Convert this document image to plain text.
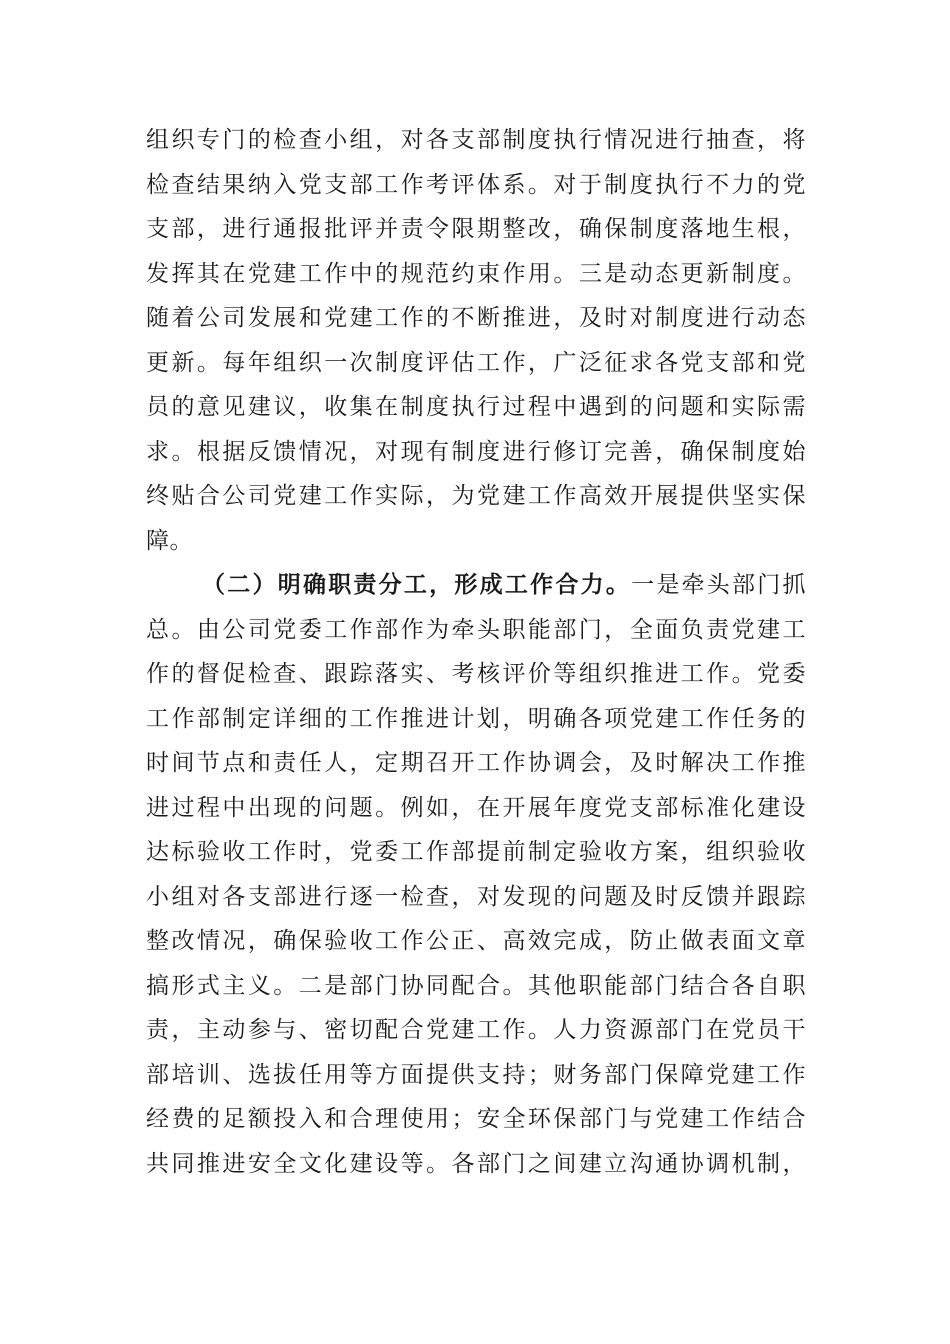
组织专门的检查小组，对各支部制度执行情况进行抽查，将
检查结果纳入党支部工作考评体系。对于制度执行不力的党
支部，进行通报批评并责令限期整改，确保制度落地生根，
发挥其在党建工作中的规范约束作用。三是动态更新制度。
随着公司发展和党建工作的不断推进，及时对制度进行动态
更新。每年组织一次制度评估工作，广泛征求各党支部和党
员的意见建议，收集在制度执行过程中遇到的问题和实际需
求。根据反馈情况，对现有制度进行修订完善，确保制度始
终贴合公司党建工作实际，为党建工作高效开展提供坚实保
障。
（二）明确职责分工，形成工作合力。一是牵头部门抓
总。由公司党委工作部作为牵头职能部门，全面负责党建工
作的督促检查、跟踪落实、考核评价等组织推进工作。党委
工作部制定详细的工作推进计划，明确各项党建工作任务的
时间节点和责任人，定期召开工作协调会，及时解决工作推
进过程中出现的问题。例如，在开展年度党支部标准化建设
达标验收工作时，党委工作部提前制定验收方案，组织验收
小组对各支部进行逐一检查，对发现的问题及时反馈并跟踪
整改情况，确保验收工作公正、高效完成，防止做表面文章
搞形式主义。二是部门协同配合。其他职能部门结合各自职
责，主动参与、密切配合党建工作。人力资源部门在党员干
部培训、选拔任用等方面提供支持；财务部门保障党建工作
经费的足额投入和合理使用；安全环保部门与党建工作结合
共同推进安全文化建设等。各部门之间建立沟通协调机制，
